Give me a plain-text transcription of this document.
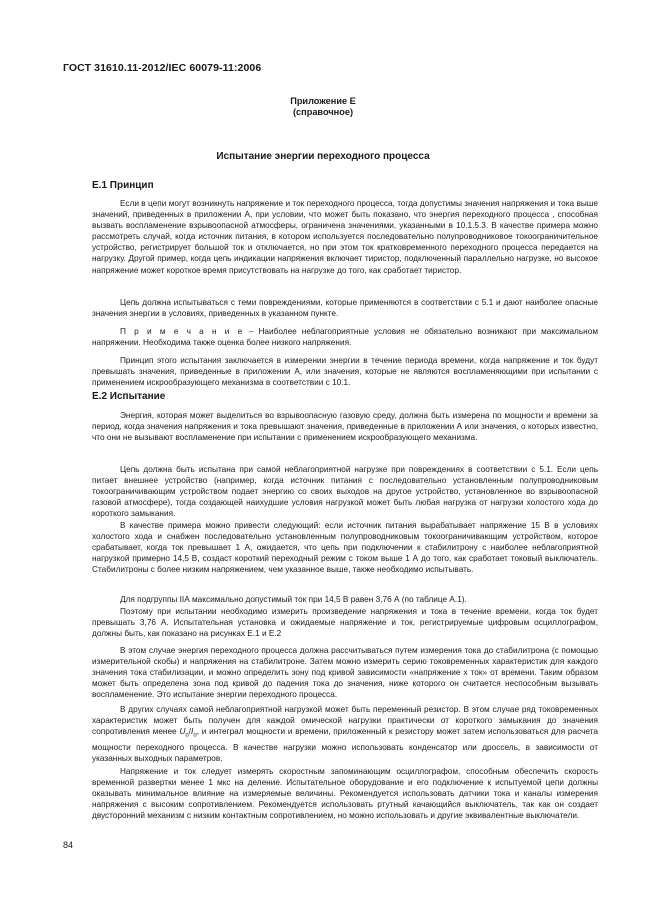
ГОСТ 31610.11-2012/IEC 60079-11:2006
Приложение Е
(справочное)
Испытание энергии переходного процесса
Е.1 Принцип

Если в цепи могут возникнуть напряжение и ток переходного процесса, тогда допустимы значения напряжения и тока выше значений, приведенных в приложении А, при условии, что может быть показано, что энергия переходного процесса , способная вызвать воспламенение взрывоопасной атмосферы, ограничена значениями, указанными в 10.1.5.3. В качестве примера можно рассмотреть случай, когда источник питания, в котором используется последовательно полупроводниковое токоограничительное устройство, регистрирует большой ток и отключается, но при этом ток кратковременного переходного процесса передается на нагрузку. Другой пример, когда цепь индикации напряжения включает тиристор, подключенный параллельно нагрузке, но высокое напряжение может короткое время присутствовать на нагрузке до того, как сработает тиристор.

Цепь должна испытываться с теми повреждениями, которые применяются в соответствии с 5.1 и дают наиболее опасные значения энергии в условиях, приведенных в указанном пункте.

П р и м е ч а н и е – Наиболее неблагоприятные условия не обязательно возникают при максимальном напряжении. Необходима также оценка более низкого напряжения.

Принцип этого испытания заключается в измерении энергии в течение периода времени, когда напряжение и ток будут превышать значения, приведенные в приложении А, или значения, которые не являются воспламеняющими при испытании с применением искрообразующего механизма в соответствии с 10.1.

Е.2 Испытание

Энергия, которая может выделиться во взрывоопасную газовую среду, должна быть измерена по мощности и времени за период, когда значения напряжения и тока превышают значения, приведенные в приложении А или значения, о которых известно, что они не вызывают воспламенение при испытании с применением искрообразующего механизма.

Цепь должна быть испытана при самой неблагоприятной нагрузке при повреждениях в соответствии с 5.1. Если цепь питает внешнее устройство (например, когда источник питания с последовательно установленным полупроводниковым токоограничивающим устройством подает энергию со своих выходов на другое устройство, установленное во взрывоопасной газовой атмосфере), тогда создающей наихудшие условия нагрузкой может быть любая нагрузка от нагрузки холостого хода до короткого замыкания.

В качестве примера можно привести следующий: если источник питания вырабатывает напряжение 15 В в условиях холостого хода и снабжен последовательно установленным полупроводниковым токоограничивающим устройством, которое срабатывает, когда ток превышает 1 А, ожидается, что цепь при подключении к стабилитрону с наиболее неблагоприятной нагрузкой примерно 14,5 В, создаст короткий переходный режим с током выше 1 А до того, как сработает токовый выключатель. Стабилитроны с более низким напряжением, чем указанное выше, также необходимо испытывать.

Для подгруппы IIА максимально допустимый ток при 14,5 В равен 3,76 А (по таблице А.1).

Поэтому при испытании необходимо измерить произведение напряжения и тока в течение времени, когда ток будет превышать 3,76 А. Испытательная установка и ожидаемые напряжение и ток, регистрируемые цифровым осциллографом, должны быть, как показано на рисунках Е.1 и Е.2

В этом случае энергия переходного процесса должна рассчитываться путем измерения тока до стабилитрона (с помощью измерительной скобы) и напряжения на стабилитроне. Затем можно измерить серию токовременных характеристик для каждого значения тока стабилизации, и можно определить зону под кривой зависимости «напряжение x ток» от времени. Таким образом может быть определена зона под кривой до падения тока до значения, ниже которого он считается неспособным вызывать воспламенение. Это испытание энергии переходного процесса.

В других случаях самой неблагоприятной нагрузкой может быть переменный резистор. В этом случае ряд токовременных характеристик может быть получен для каждой омической нагрузки практически от короткого замыкания до значения сопротивления менее $U_o/I_o$, и интеграл мощности и времени, приложенный к резистору может затем использоваться для расчета мощности переходного процесса. В качестве нагрузки можно использовать конденсатор или дроссель, в зависимости от указанных выходных параметров.

Напряжение и ток следует измерять скоростным запоминающим осциллографом, способным обеспечить скорость временной развертки менее 1 мкс на деление. Испытательное оборудование и его подключение к испытуемой цепи должны оказывать минимальное влияние на измеряемые величины. Рекомендуется использовать датчики тока и каналы измерения напряжения с высоким сопротивлением. Рекомендуется использовать ртутный качающийся выключатель, так как он создает двусторонний механизм с низким контактным сопротивлением, но можно использовать и другие эквивалентные выключатели.

84
